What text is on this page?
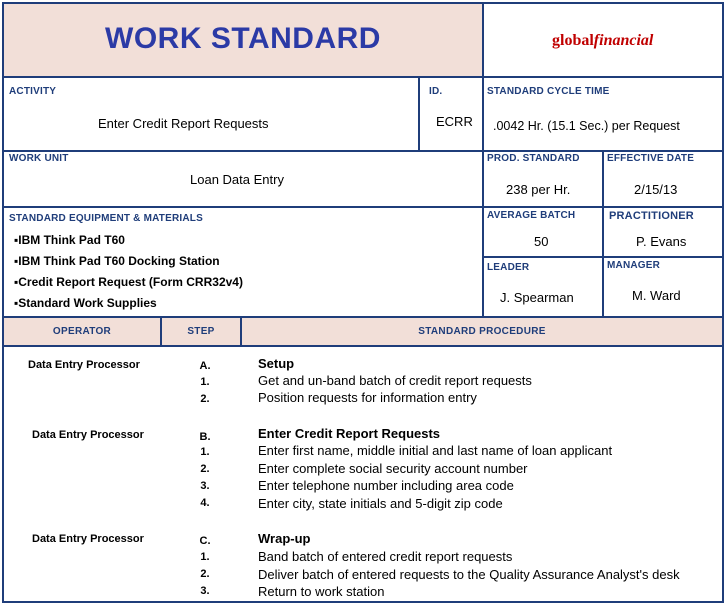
WORK STANDARD	globalfinancial
ACTIVITY
Enter Credit Report Requests
ID.
ECRR
STANDARD CYCLE TIME
.0042 Hr. (15.1 Sec.) per Request
WORK UNIT
Loan Data Entry
PROD. STANDARD
238 per Hr.
EFFECTIVE DATE
2/15/13
STANDARD EQUIPMENT & MATERIALS
▪IBM Think Pad T60
▪IBM Think Pad T60 Docking Station
▪Credit Report Request (Form CRR32v4)
▪Standard Work Supplies
AVERAGE BATCH
50
PRACTITIONER
P. Evans
LEADER
J. Spearman
MANAGER
M. Ward
OPERATOR	STEP	STANDARD PROCEDURE
Data Entry Processor	A.	Setup
1.	Get and un-band batch of credit report requests
2.	Position requests for information entry
Data Entry Processor	B.	Enter Credit Report Requests
1.	Enter first name, middle initial and last name of loan applicant
2.	Enter complete social security account number
3.	Enter telephone number including area code
4.	Enter city, state initials and 5-digit zip code
Data Entry Processor	C.	Wrap-up
1.	Band batch of entered credit report requests
2.	Deliver batch of entered requests to the Quality Assurance Analyst's desk
3.	Return to work station
